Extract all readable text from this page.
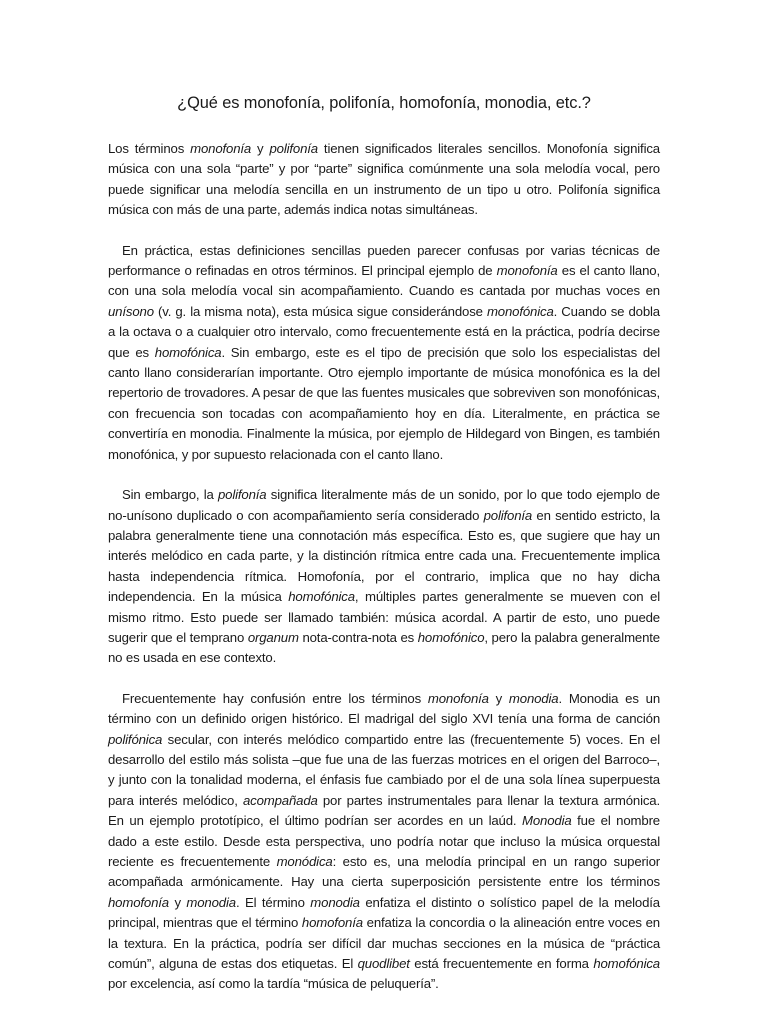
¿Qué es monofonía, polifonía, homofonía, monodia, etc.?

Los términos monofonía y polifonía tienen significados literales sencillos. Monofonía significa música con una sola “parte” y por “parte” significa comúnmente una sola melodía vocal, pero puede significar una melodía sencilla en un instrumento de un tipo u otro. Polifonía significa música con más de una parte, además indica notas simultáneas.

En práctica, estas definiciones sencillas pueden parecer confusas por varias técnicas de performance o refinadas en otros términos. El principal ejemplo de monofonía es el canto llano, con una sola melodía vocal sin acompañamiento. Cuando es cantada por muchas voces en unísono (v. g. la misma nota), esta música sigue considerándose monofónica. Cuando se dobla a la octava o a cualquier otro intervalo, como frecuentemente está en la práctica, podría decirse que es homofónica. Sin embargo, este es el tipo de precisión que solo los especialistas del canto llano considerarían importante. Otro ejemplo importante de música monofónica es la del repertorio de trovadores. A pesar de que las fuentes musicales que sobreviven son monofónicas, con frecuencia son tocadas con acompañamiento hoy en día. Literalmente, en práctica se convertiría en monodia. Finalmente la música, por ejemplo de Hildegard von Bingen, es también monofónica, y por supuesto relacionada con el canto llano.

Sin embargo, la polifonía significa literalmente más de un sonido, por lo que todo ejemplo de no-unísono duplicado o con acompañamiento sería considerado polifonía en sentido estricto, la palabra generalmente tiene una connotación más específica. Esto es, que sugiere que hay un interés melódico en cada parte, y la distinción rítmica entre cada una. Frecuentemente implica hasta independencia rítmica. Homofonía, por el contrario, implica que no hay dicha independencia. En la música homofónica, múltiples partes generalmente se mueven con el mismo ritmo. Esto puede ser llamado también: música acordal. A partir de esto, uno puede sugerir que el temprano organum nota-contra-nota es homofónico, pero la palabra generalmente no es usada en ese contexto.

Frecuentemente hay confusión entre los términos monofonía y monodia. Monodia es un término con un definido origen histórico. El madrigal del siglo XVI tenía una forma de canción polifónica secular, con interés melódico compartido entre las (frecuentemente 5) voces. En el desarrollo del estilo más solista –que fue una de las fuerzas motrices en el origen del Barroco–, y junto con la tonalidad moderna, el énfasis fue cambiado por el de una sola línea superpuesta para interés melódico, acompañada por partes instrumentales para llenar la textura armónica. En un ejemplo prototípico, el último podrían ser acordes en un laúd. Monodia fue el nombre dado a este estilo. Desde esta perspectiva, uno podría notar que incluso la música orquestal reciente es frecuentemente monódica: esto es, una melodía principal en un rango superior acompañada armónicamente. Hay una cierta superposición persistente entre los términos homofonía y monodia. El término monodia enfatiza el distinto o solístico papel de la melodía principal, mientras que el término homofonía enfatiza la concordia o la alineación entre voces en la textura. En la práctica, podría ser difícil dar muchas secciones en la música de “práctica común”, alguna de estas dos etiquetas. El quodlibet está frecuentemente en forma homofónica por excelencia, así como la tardía “música de peluquería”.
